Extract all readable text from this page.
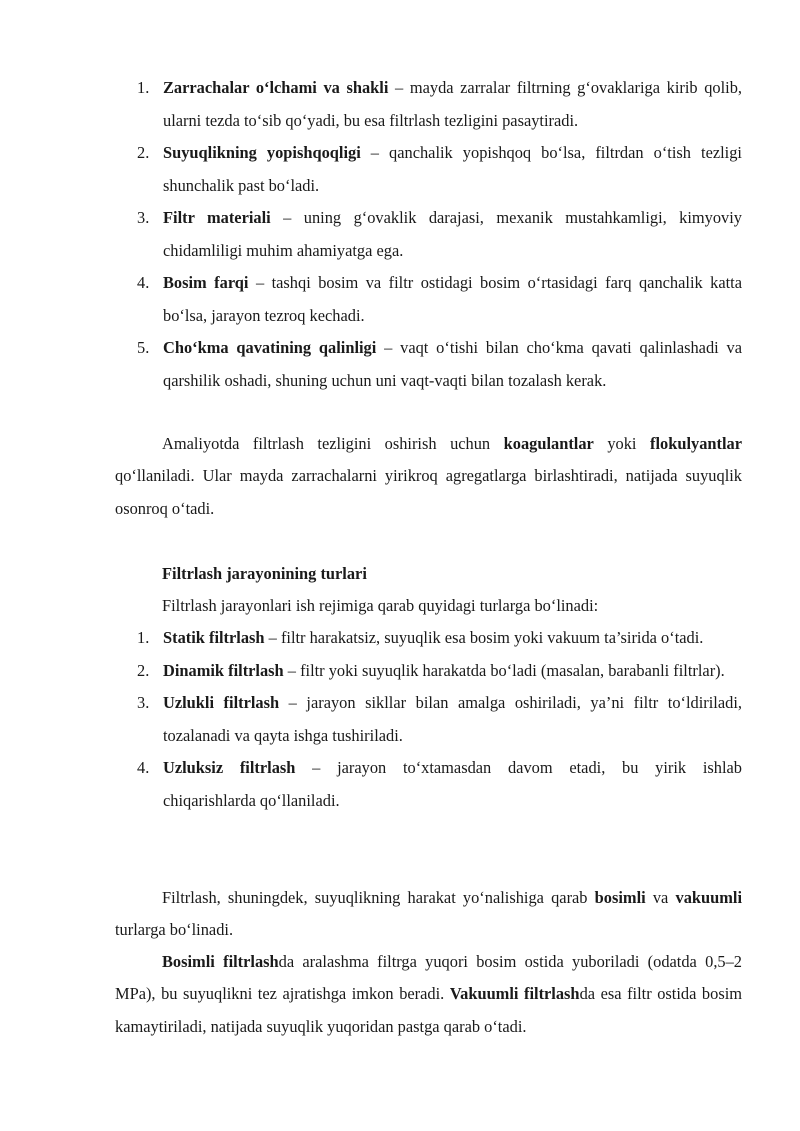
1. Zarrachalar o‘lchami va shakli – mayda zarralar filtrning g‘ovaklariga kirib qolib, ularni tezda to‘sib qo‘yadi, bu esa filtrlash tezligini pasaytiradi.
2. Suyuqlikning yopishqoqligi – qanchalik yopishqoq bo‘lsa, filtrdan o‘tish tezligi shunchalik past bo‘ladi.
3. Filtr materiali – uning g‘ovaklik darajasi, mexanik mustahkamligi, kimyoviy chidamliligi muhim ahamiyatga ega.
4. Bosim farqi – tashqi bosim va filtr ostidagi bosim o‘rtasidagi farq qanchalik katta bo‘lsa, jarayon tezroq kechadi.
5. Cho‘kma qavatining qalinligi – vaqt o‘tishi bilan cho‘kma qavati qalinlashadi va qarshilik oshadi, shuning uchun uni vaqt-vaqti bilan tozalash kerak.

Amaliyotda filtrlash tezligini oshirish uchun koagulantlar yoki flokulyantlar qo‘llaniladi. Ular mayda zarrachalarni yirikroq agregatlarga birlashtiradi, natijada suyuqlik osonroq o‘tadi.

Filtrlash jarayonining turlari

Filtrlash jarayonlari ish rejimiga qarab quyidagi turlarga bo‘linadi:

1. Statik filtrlash – filtr harakatsiz, suyuqlik esa bosim yoki vakuum ta’sirida o‘tadi.
2. Dinamik filtrlash – filtr yoki suyuqlik harakatda bo‘ladi (masalan, barabanli filtrlar).
3. Uzlukli filtrlash – jarayon sikllar bilan amalga oshiriladi, ya’ni filtr to‘ldiriladi, tozalanadi va qayta ishga tushiriladi.
4. Uzluksiz filtrlash – jarayon to‘xtamasdan davom etadi, bu yirik ishlab chiqarishlarda qo‘llaniladi.

Filtrlash, shuningdek, suyuqlikning harakat yo‘nalishiga qarab bosimli va vakuumli turlarga bo‘linadi.

Bosimli filtrlashda aralashma filtrga yuqori bosim ostida yuboriladi (odatda 0,5–2 MPa), bu suyuqlikni tez ajratishga imkon beradi. Vakuumli filtrlashda esa filtr ostida bosim kamaytiriladi, natijada suyuqlik yuqoridan pastga qarab o‘tadi.
